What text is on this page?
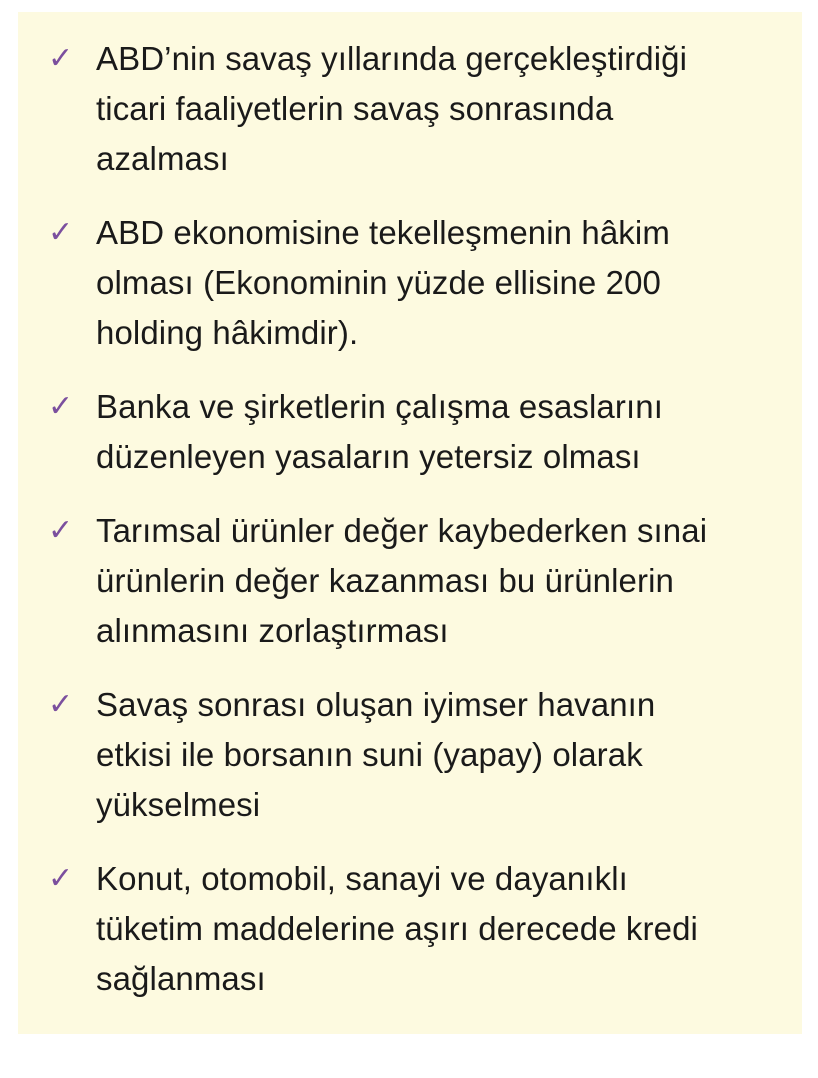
✓ ABD’nin savaş yıllarında gerçekleştirdiği
ticari faaliyetlerin savaş sonrasında
azalması
✓ ABD ekonomisine tekelleşmenin hâkim
olması (Ekonominin yüzde ellisine 200
holding hâkimdir).
✓ Banka ve şirketlerin çalışma esaslarını
düzenleyen yasaların yetersiz olması
✓ Tarımsal ürünler değer kaybederken sınai
ürünlerin değer kazanması bu ürünlerin
alınmasını zorlaştırması
✓ Savaş sonrası oluşan iyimser havanın
etkisi ile borsanın suni (yapay) olarak
yükselmesi
✓ Konut, otomobil, sanayi ve dayanıklı
tüketim maddelerine aşırı derecede kredi
sağlanması
